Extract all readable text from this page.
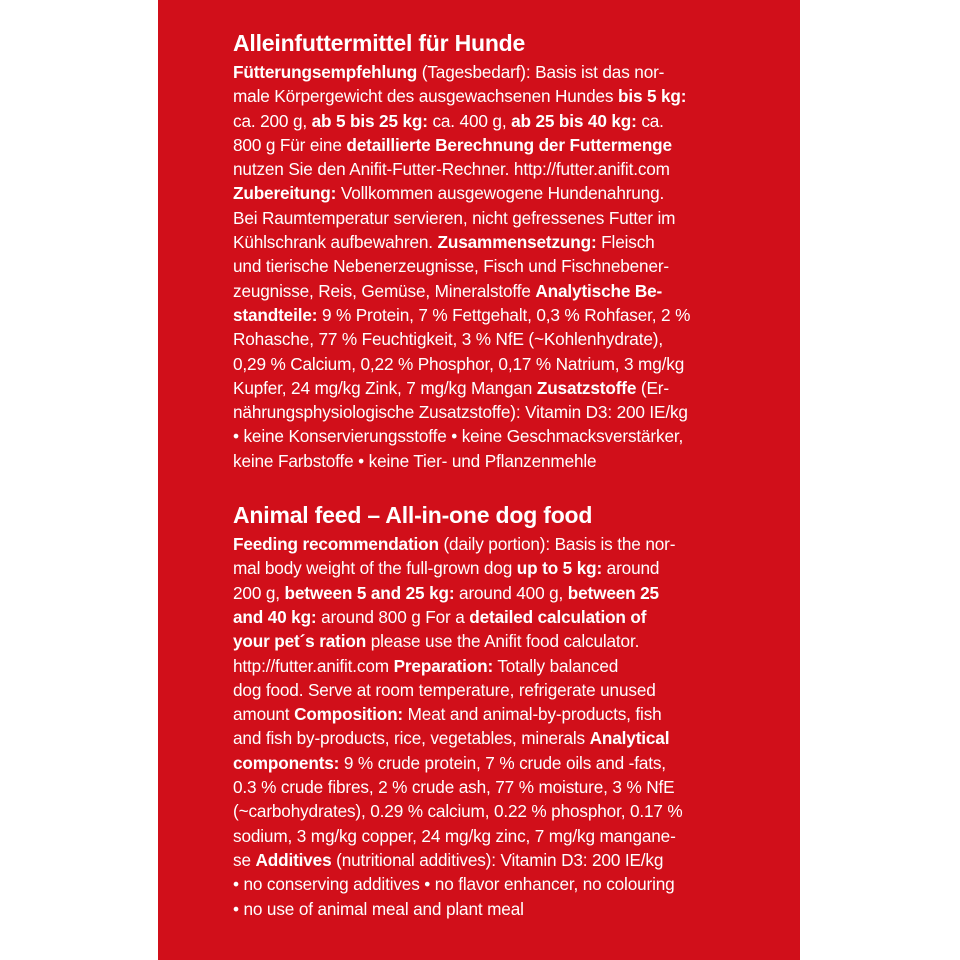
Alleinfuttermittel für Hunde
Fütterungsempfehlung (Tagesbedarf): Basis ist das nor-
male Körpergewicht des ausgewachsenen Hundes bis 5 kg:
ca. 200 g, ab 5 bis 25 kg: ca. 400 g, ab 25 bis 40 kg: ca.
800 g Für eine detaillierte Berechnung der Futtermenge
nutzen Sie den Anifit-Futter-Rechner. http://futter.anifit.com
Zubereitung: Vollkommen ausgewogene Hundenahrung.
Bei Raumtemperatur servieren, nicht gefressenes Futter im
Kühlschrank aufbewahren. Zusammensetzung: Fleisch
und tierische Nebenerzeugnisse, Fisch und Fischnebener-
zeugnisse, Reis, Gemüse, Mineralstoffe Analytische Be-
standteile: 9 % Protein, 7 % Fettgehalt, 0,3 % Rohfaser, 2 %
Rohasche, 77 % Feuchtigkeit, 3 % NfE (~Kohlenhydrate),
0,29 % Calcium, 0,22 % Phosphor, 0,17 % Natrium, 3 mg/kg
Kupfer, 24 mg/kg Zink, 7 mg/kg Mangan Zusatzstoffe (Er-
nährungsphysiologische Zusatzstoffe): Vitamin D3: 200 IE/kg
• keine Konservierungsstoffe • keine Geschmacksverstärker,
keine Farbstoffe • keine Tier- und Pflanzenmehle
Animal feed – All-in-one dog food
Feeding recommendation (daily portion): Basis is the nor-
mal body weight of the full-grown dog up to 5 kg: around
200 g, between 5 and 25 kg: around 400 g, between 25
and 40 kg: around 800 g For a detailed calculation of
your pet´s ration please use the Anifit food calculator.
http://futter.anifit.com Preparation: Totally balanced
dog food. Serve at room temperature, refrigerate unused
amount Composition: Meat and animal-by-products, fish
and fish by-products, rice, vegetables, minerals Analytical
components: 9 % crude protein, 7 % crude oils and -fats,
0.3 % crude fibres, 2 % crude ash, 77 % moisture, 3 % NfE
(~carbohydrates), 0.29 % calcium, 0.22 % phosphor, 0.17 %
sodium, 3 mg/kg copper, 24 mg/kg zinc, 7 mg/kg mangane-
se Additives (nutritional additives): Vitamin D3: 200 IE/kg
• no conserving additives • no flavor enhancer, no colouring
• no use of animal meal and plant meal
